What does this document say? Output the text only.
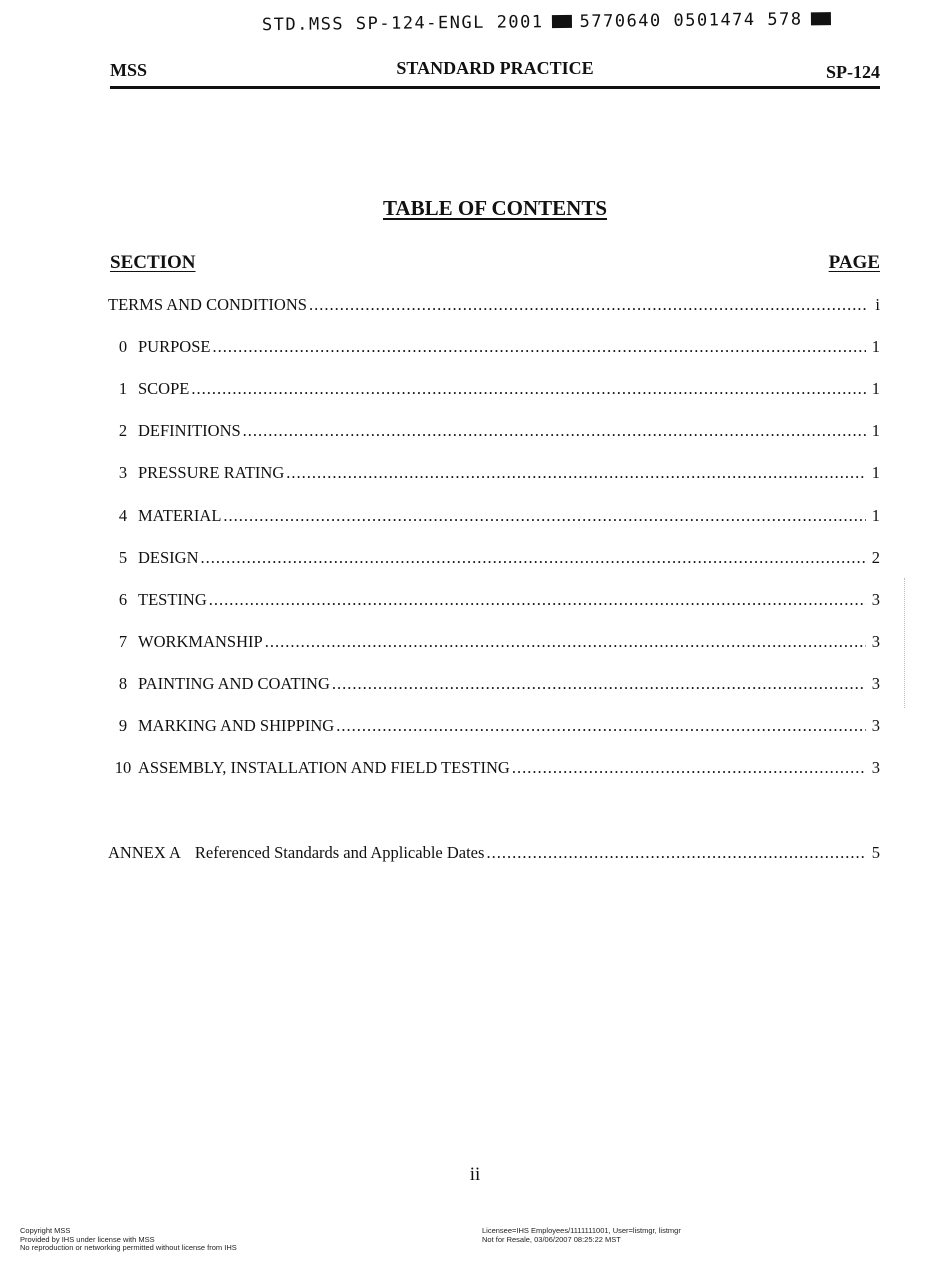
STD.MSS SP-124-ENGL 2001 5770640 0501474 578
MSS	STANDARD PRACTICE	SP-124
TABLE OF CONTENTS
SECTION	PAGE
TERMS AND CONDITIONS .....	i
0 PURPOSE .....	1
1 SCOPE .....	1
2 DEFINITIONS .....	1
3 PRESSURE RATING .....	1
4 MATERIAL .....	1
5 DESIGN .....	2
6 TESTING .....	3
7 WORKMANSHIP .....	3
8 PAINTING AND COATING .....	3
9 MARKING AND SHIPPING .....	3
10 ASSEMBLY, INSTALLATION AND FIELD TESTING .....	3
ANNEX A Referenced Standards and Applicable Dates .....	5
ii
Copyright MSS
Provided by IHS under license with MSS
No reproduction or networking permitted without license from IHS
Licensee=IHS Employees/1111111001, User=listmgr, listmgr
Not for Resale, 03/06/2007 08:25:22 MST
